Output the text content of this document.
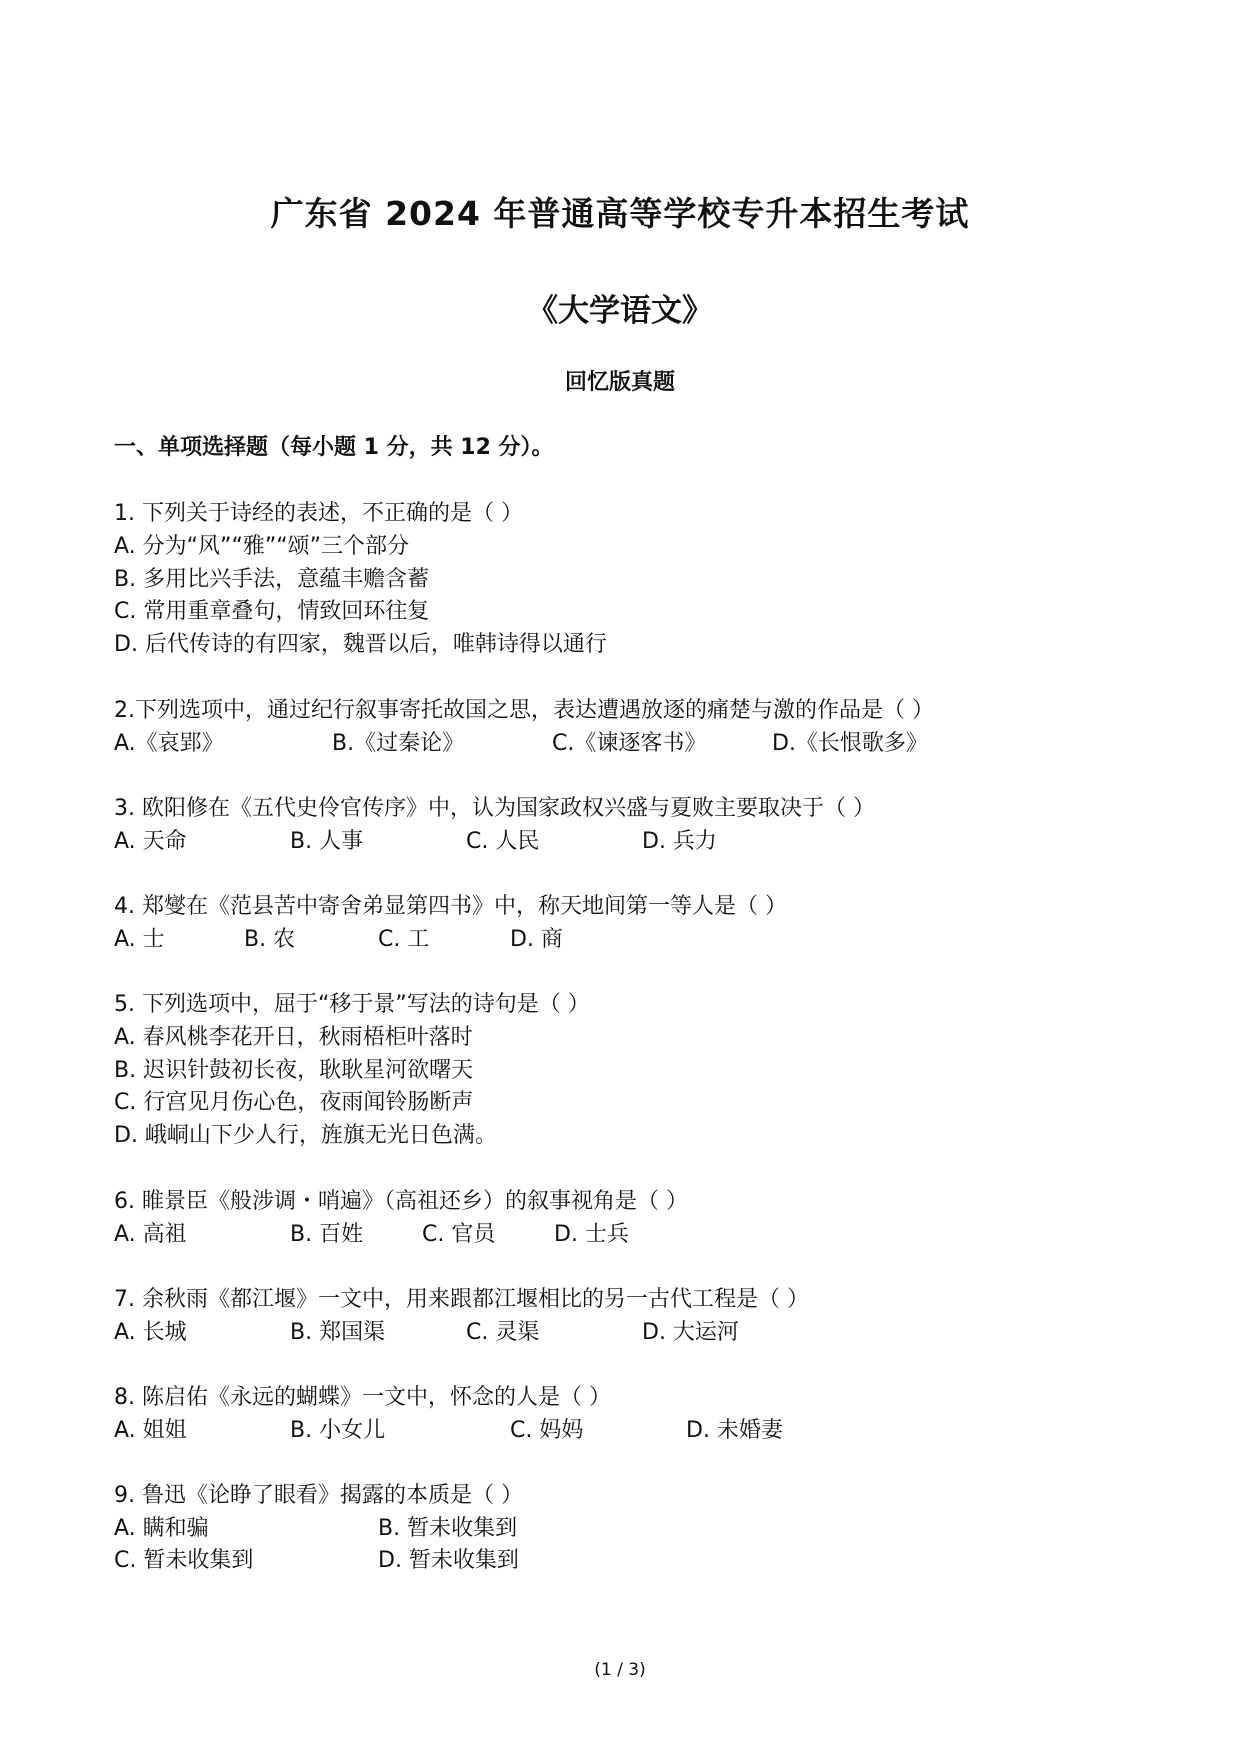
广东省 2024 年普通高等学校专升本招生考试
《大学语文》
回忆版真题
一、单项选择题（每小题 1 分，共 12 分）。
1. 下列关于诗经的表述，不正确的是（ ）
A. 分为“风”“雅”“颂”三个部分
B. 多用比兴手法，意蕴丰赡含蓄
C. 常用重章叠句，情致回环往复
D. 后代传诗的有四家，魏晋以后，唯韩诗得以通行
2.下列选项中，通过纪行叙事寄托故国之思，表达遭遇放逐的痛楚与激的作品是（ ）
A.《哀郢》	B.《过秦论》	C.《谏逐客书》	D.《长恨歌多》
3. 欧阳修在《五代史伶官传序》中，认为国家政权兴盛与夏败主要取决于（ ）
A. 天命	B. 人事	C. 人民	D. 兵力
4. 郑燮在《范县苦中寄舍弟显第四书》中，称天地间第一等人是（ ）
A. 士	B. 农	C. 工	D. 商
5. 下列选项中，屈于“移于景”写法的诗句是（ ）
A. 春风桃李花开日，秋雨梧柜叶落时
B. 迟识针鼓初长夜，耿耿星河欲曙天
C. 行宫见月伤心色，夜雨闻铃肠断声
D. 峨峒山下少人行，旌旗无光日色满。
6. 睢景臣《般涉调・哨遍》（高祖还乡）的叙事视角是（ ）
A. 高祖	B. 百姓	C. 官员	D. 士兵
7. 余秋雨《都江堰》一文中，用来跟都江堰相比的另一古代工程是（ ）
A. 长城	B. 郑国渠	C. 灵渠	D. 大运河
8. 陈启佑《永远的蝴蝶》一文中，怀念的人是（ ）
A. 姐姐	B. 小女儿	C. 妈妈	D. 未婚妻
9. 鲁迅《论睁了眼看》揭露的本质是（ ）
A. 瞒和骗	B. 暂未收集到
C. 暂未收集到	D. 暂未收集到
(1 / 3)
